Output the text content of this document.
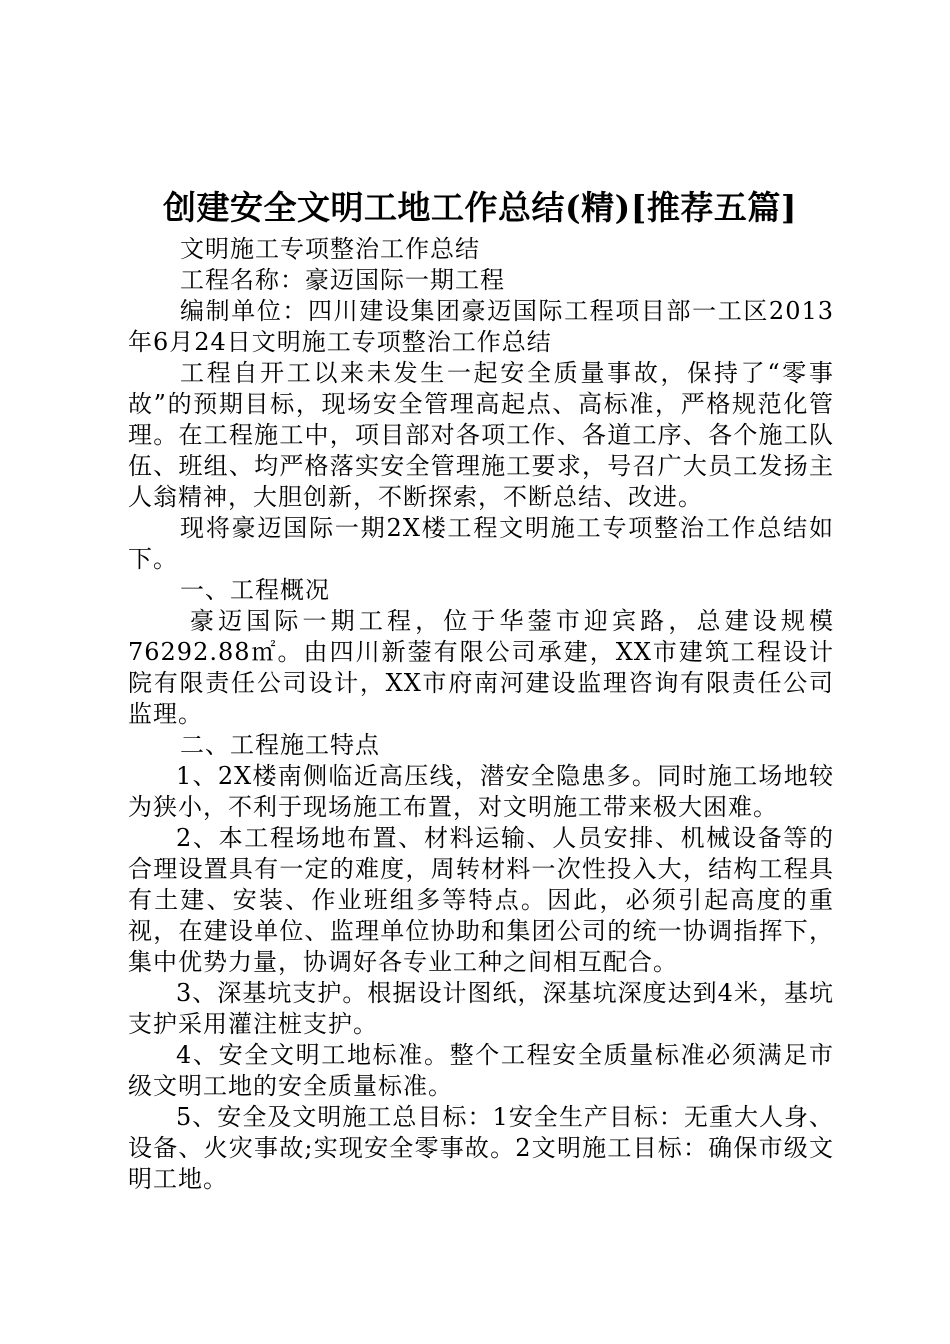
创建安全文明工地工作总结(精)[推荐五篇]

文明施工专项整治工作总结

工程名称：豪迈国际一期工程

编制单位：四川建设集团豪迈国际工程项目部一工区2013年6月24日文明施工专项整治工作总结

工程自开工以来未发生一起安全质量事故，保持了“零事故”的预期目标，现场安全管理高起点、高标准，严格规范化管理。在工程施工中，项目部对各项工作、各道工序、各个施工队伍、班组、均严格落实安全管理施工要求，号召广大员工发扬主人翁精神，大胆创新，不断探索，不断总结、改进。

现将豪迈国际一期2X楼工程文明施工专项整治工作总结如下。

一、工程概况

豪迈国际一期工程，位于华蓥市迎宾路，总建设规模76292.88㎡。由四川新蓥有限公司承建，XX市建筑工程设计院有限责任公司设计，XX市府南河建设监理咨询有限责任公司监理。

二、工程施工特点

1、2X楼南侧临近高压线，潜安全隐患多。同时施工场地较为狭小，不利于现场施工布置，对文明施工带来极大困难。

2、本工程场地布置、材料运输、人员安排、机械设备等的合理设置具有一定的难度，周转材料一次性投入大，结构工程具有土建、安装、作业班组多等特点。因此，必须引起高度的重视，在建设单位、监理单位协助和集团公司的统一协调指挥下，集中优势力量，协调好各专业工种之间相互配合。

3、深基坑支护。根据设计图纸，深基坑深度达到4米，基坑支护采用灌注桩支护。

4、安全文明工地标准。整个工程安全质量标准必须满足市级文明工地的安全质量标准。

5、安全及文明施工总目标：1安全生产目标：无重大人身、设备、火灾事故;实现安全零事故。2文明施工目标：确保市级文明工地。
